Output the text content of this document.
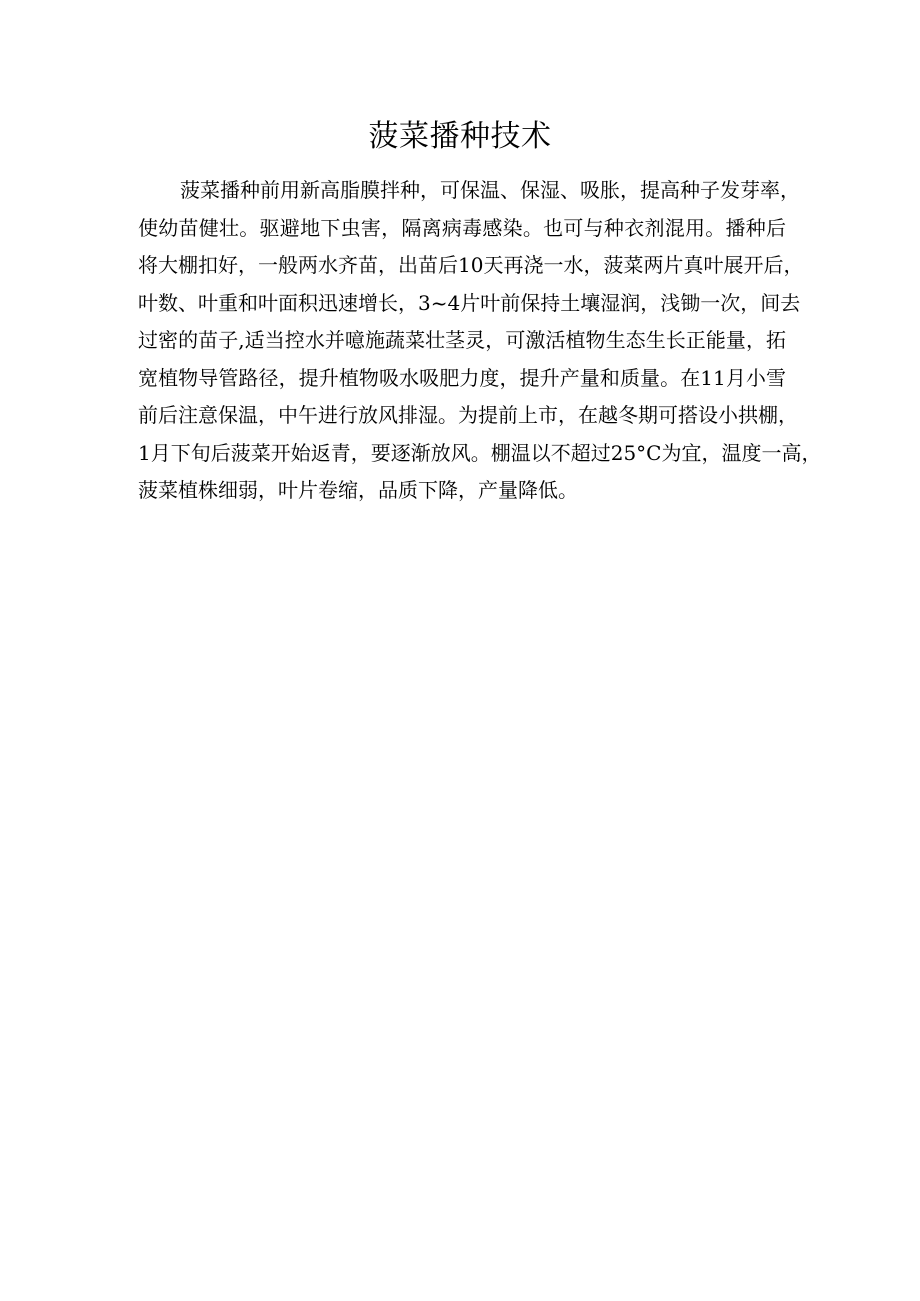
菠菜播种技术
菠菜播种前用新高脂膜拌种，可保温、保湿、吸胀，提高种子发芽率，
使幼苗健壮。驱避地下虫害，隔离病毒感染。也可与种衣剂混用。播种后
将大棚扣好，一般两水齐苗，出苗后10天再浇一水，菠菜两片真叶展开后，
叶数、叶重和叶面积迅速增长，3~4片叶前保持土壤湿润，浅锄一次，间去
过密的苗子,适当控水并噫施蔬菜壮茎灵，可激活植物生态生长正能量，拓
宽植物导管路径，提升植物吸水吸肥力度，提升产量和质量。在11月小雪
前后注意保温，中午进行放风排湿。为提前上市，在越冬期可搭设小拱棚，
1月下旬后菠菜开始返青，要逐渐放风。棚温以不超过25°C为宜，温度一高，
菠菜植株细弱，叶片卷缩，品质下降，产量降低。
